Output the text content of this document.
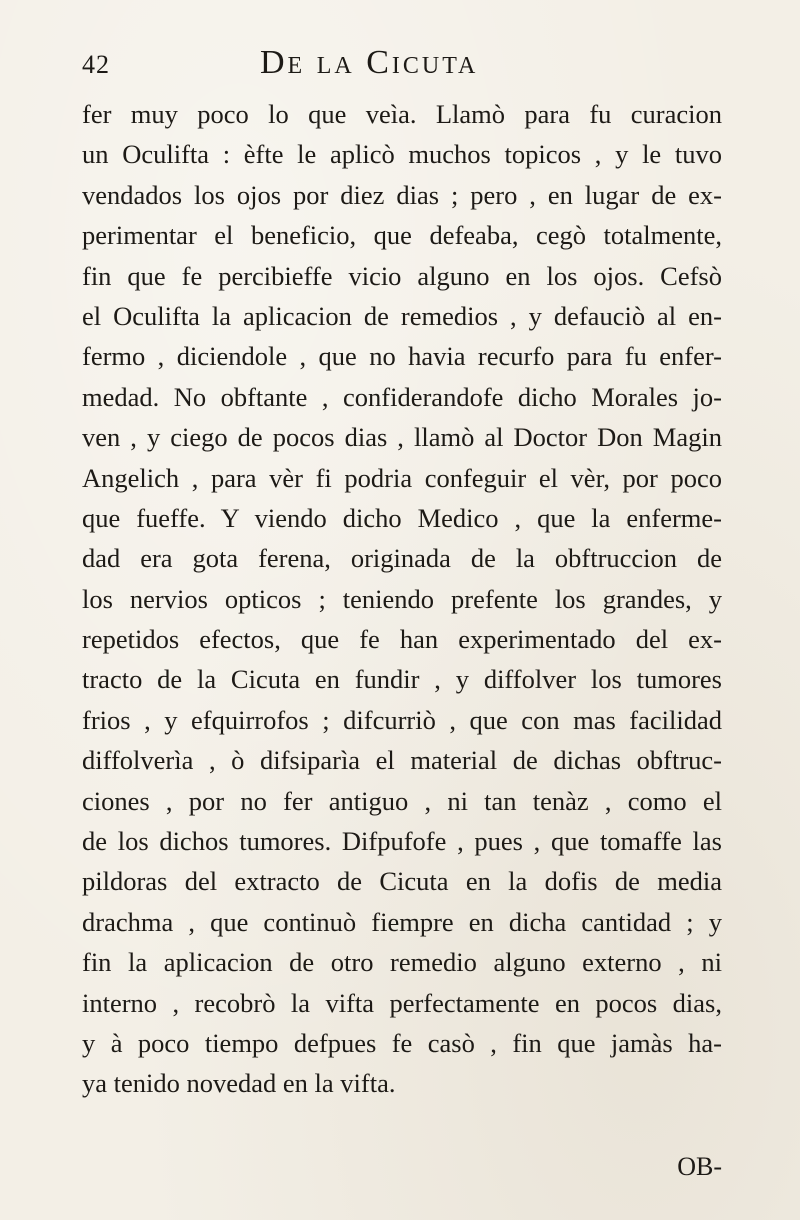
42	De la Cicuta
fer muy poco lo que veìa. Llamò para fu curacion
un Oculifta : èfte le aplicò muchos topicos , y le tuvo
vendados los ojos por diez dias ; pero , en lugar de ex-
perimentar el beneficio, que defeaba, cegò totalmente,
fin que fe percibieffe vicio alguno en los ojos. Cefsò
el Oculifta la aplicacion de remedios , y defauciò al en-
fermo , diciendole , que no havia recurfo para fu enfer-
medad. No obftante , confiderandofe dicho Morales jo-
ven , y ciego de pocos dias , llamò al Doctor Don Magin
Angelich , para vèr fi podria confeguir el vèr, por poco
que fueffe. Y viendo dicho Medico , que la enferme-
dad era gota ferena, originada de la obftruccion de
los nervios opticos ; teniendo prefente los grandes, y
repetidos efectos, que fe han experimentado del ex-
tracto de la Cicuta en fundir , y diffolver los tumores
frios , y efquirrofos ; difcurriò , que con mas facilidad
diffolverìa , ò difsiparìa el material de dichas obftruc-
ciones , por no fer antiguo , ni tan tenàz , como el
de los dichos tumores. Difpufofe , pues , que tomaffe las
pildoras del extracto de Cicuta en la dofis de media
drachma , que continuò fiempre en dicha cantidad ; y
fin la aplicacion de otro remedio alguno externo , ni
interno , recobrò la vifta perfectamente en pocos dias,
y à poco tiempo defpues fe casò , fin que jamàs ha-
ya tenido novedad en la vifta.
OB-
